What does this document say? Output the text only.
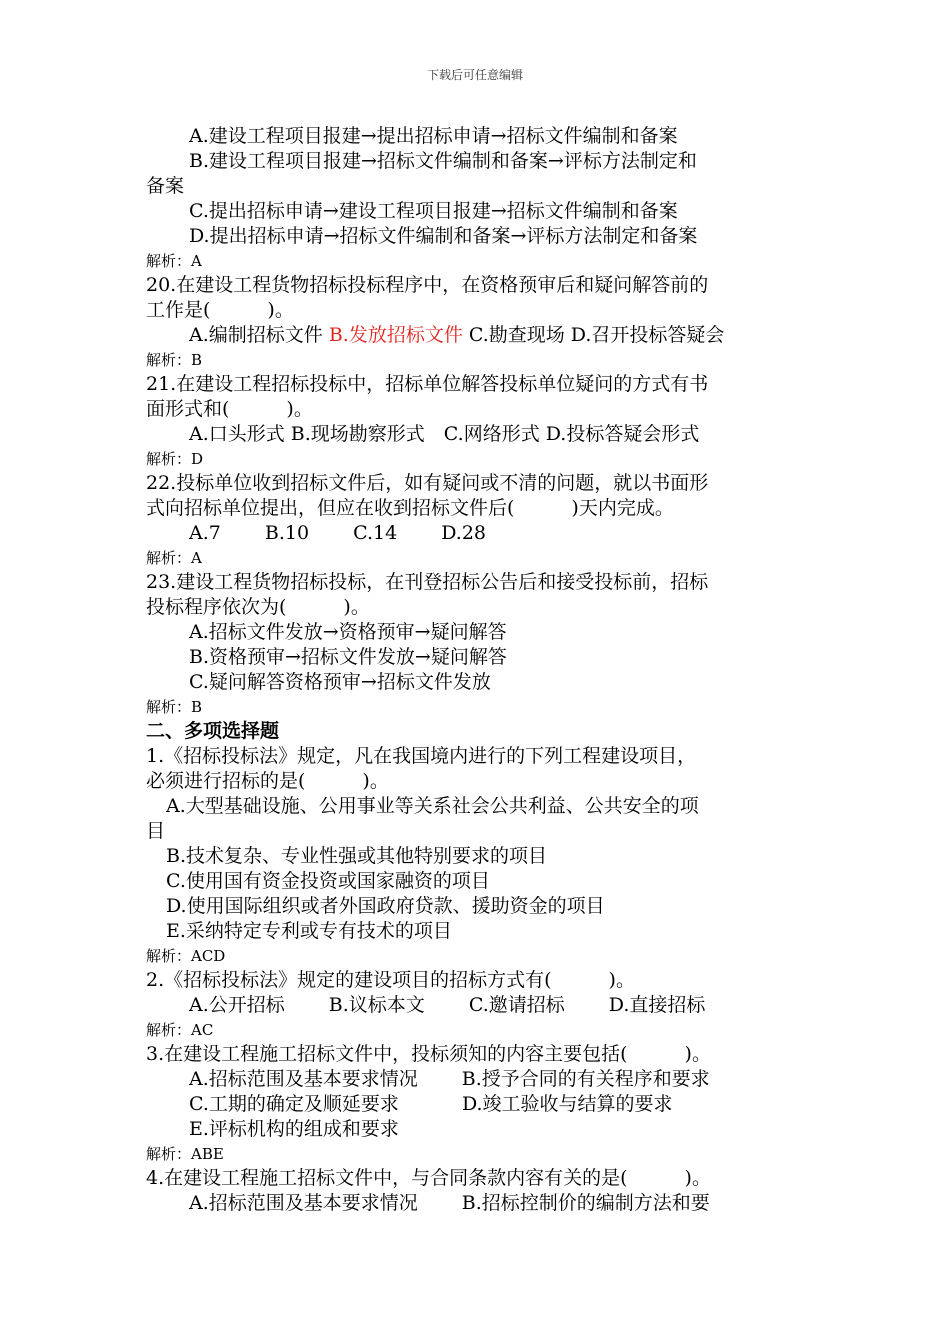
下载后可任意编辑
A.建设工程项目报建→提出招标申请→招标文件编制和备案
B.建设工程项目报建→招标文件编制和备案→评标方法制定和
备案
C.提出招标申请→建设工程项目报建→招标文件编制和备案
D.提出招标申请→招标文件编制和备案→评标方法制定和备案
解析：A
20.在建设工程货物招标投标程序中，在资格预审后和疑问解答前的
工作是(　　　)。
A.编制招标文件 B.发放招标文件 C.勘查现场 D.召开投标答疑会
解析：B
21.在建设工程招标投标中，招标单位解答投标单位疑问的方式有书
面形式和(　　　)。
A.口头形式 B.现场勘察形式　C.网络形式 D.投标答疑会形式
解析：D
22.投标单位收到招标文件后，如有疑问或不清的问题，就以书面形
式向招标单位提出，但应在收到招标文件后(　　　)天内完成。
A.7　　 B.10　　 C.14　　 D.28
解析：A
23.建设工程货物招标投标，在刊登招标公告后和接受投标前，招标
投标程序依次为(　　　)。
A.招标文件发放→资格预审→疑问解答
B.资格预审→招标文件发放→疑问解答
C.疑问解答资格预审→招标文件发放
解析：B
二、多项选择题
1.《招标投标法》规定，凡在我国境内进行的下列工程建设项目，
必须进行招标的是(　　　)。
A.大型基础设施、公用事业等关系社会公共利益、公共安全的项
目
B.技术复杂、专业性强或其他特别要求的项目
C.使用国有资金投资或国家融资的项目
D.使用国际组织或者外国政府贷款、援助资金的项目
E.采纳特定专利或专有技术的项目
解析：ACD
2.《招标投标法》规定的建设项目的招标方式有(　　　)。
A.公开招标　　 B.议标本文　　 C.邀请招标　　 D.直接招标
解析：AC
3.在建设工程施工招标文件中，投标须知的内容主要包括(　　　)。
A.招标范围及基本要求情况　　 B.授予合同的有关程序和要求
C.工期的确定及顺延要求　　　 D.竣工验收与结算的要求
E.评标机构的组成和要求
解析：ABE
4.在建设工程施工招标文件中，与合同条款内容有关的是(　　　)。
A.招标范围及基本要求情况　　 B.招标控制价的编制方法和要
